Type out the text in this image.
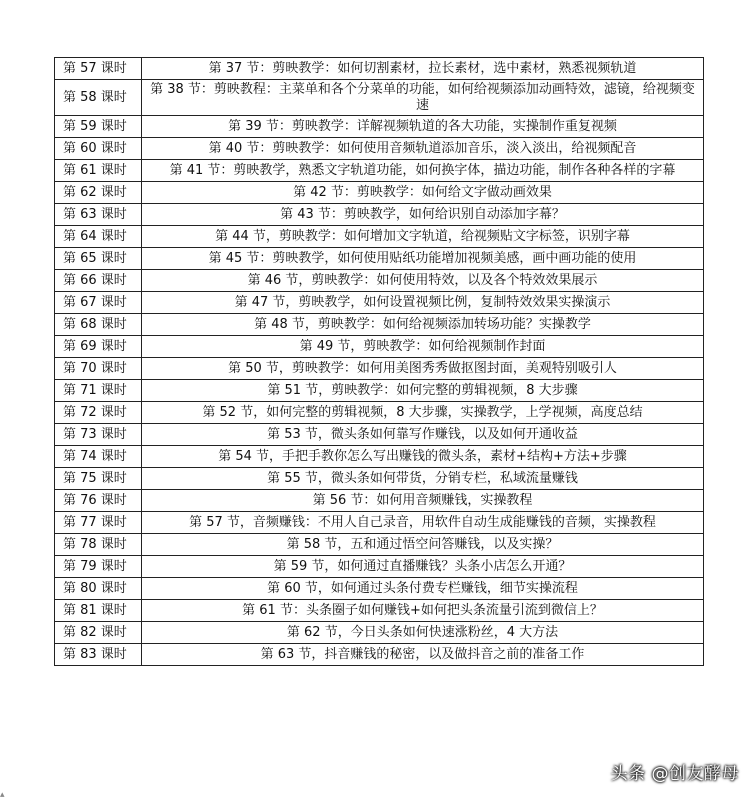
第 57 课时	第 37 节：剪映教学：如何切割素材，拉长素材，选中素材，熟悉视频轨道
第 58 课时	第 38 节：剪映教程：主菜单和各个分菜单的功能，如何给视频添加动画特效，滤镜，给视频变速
第 59 课时	第 39 节：剪映教学：详解视频轨道的各大功能，实操制作重复视频
第 60 课时	第 40 节：剪映教学：如何使用音频轨道添加音乐，淡入淡出，给视频配音
第 61 课时	第 41 节：剪映教学，熟悉文字轨道功能，如何换字体，描边功能，制作各种各样的字幕
第 62 课时	第 42 节：剪映教学：如何给文字做动画效果
第 63 课时	第 43 节：剪映教学，如何给识别自动添加字幕？
第 64 课时	第 44 节，剪映教学：如何增加文字轨道，给视频贴文字标签，识别字幕
第 65 课时	第 45 节：剪映教学，如何使用贴纸功能增加视频美感，画中画功能的使用
第 66 课时	第 46 节，剪映教学：如何使用特效，以及各个特效效果展示
第 67 课时	第 47 节，剪映教学，如何设置视频比例，复制特效效果实操演示
第 68 课时	第 48 节，剪映教学：如何给视频添加转场功能？实操教学
第 69 课时	第 49 节，剪映教学：如何给视频制作封面
第 70 课时	第 50 节，剪映教学：如何用美图秀秀做抠图封面，美观特别吸引人
第 71 课时	第 51 节，剪映教学：如何完整的剪辑视频，8 大步骤
第 72 课时	第 52 节，如何完整的剪辑视频，8 大步骤，实操教学，上学视频，高度总结
第 73 课时	第 53 节，微头条如何靠写作赚钱，以及如何开通收益
第 74 课时	第 54 节，手把手教你怎么写出赚钱的微头条，素材+结构+方法+步骤
第 75 课时	第 55 节，微头条如何带货，分销专栏，私域流量赚钱
第 76 课时	第 56 节：如何用音频赚钱，实操教程
第 77 课时	第 57 节，音频赚钱：不用人自己录音，用软件自动生成能赚钱的音频，实操教程
第 78 课时	第 58 节，五和通过悟空问答赚钱，以及实操？
第 79 课时	第 59 节，如何通过直播赚钱？头条小店怎么开通？
第 80 课时	第 60 节，如何通过头条付费专栏赚钱，细节实操流程
第 81 课时	第 61 节：头条圈子如何赚钱+如何把头条流量引流到微信上？
第 82 课时	第 62 节，今日头条如何快速涨粉丝，4 大方法
第 83 课时	第 63 节，抖音赚钱的秘密，以及做抖音之前的准备工作
头条 @创友酵母
▴
